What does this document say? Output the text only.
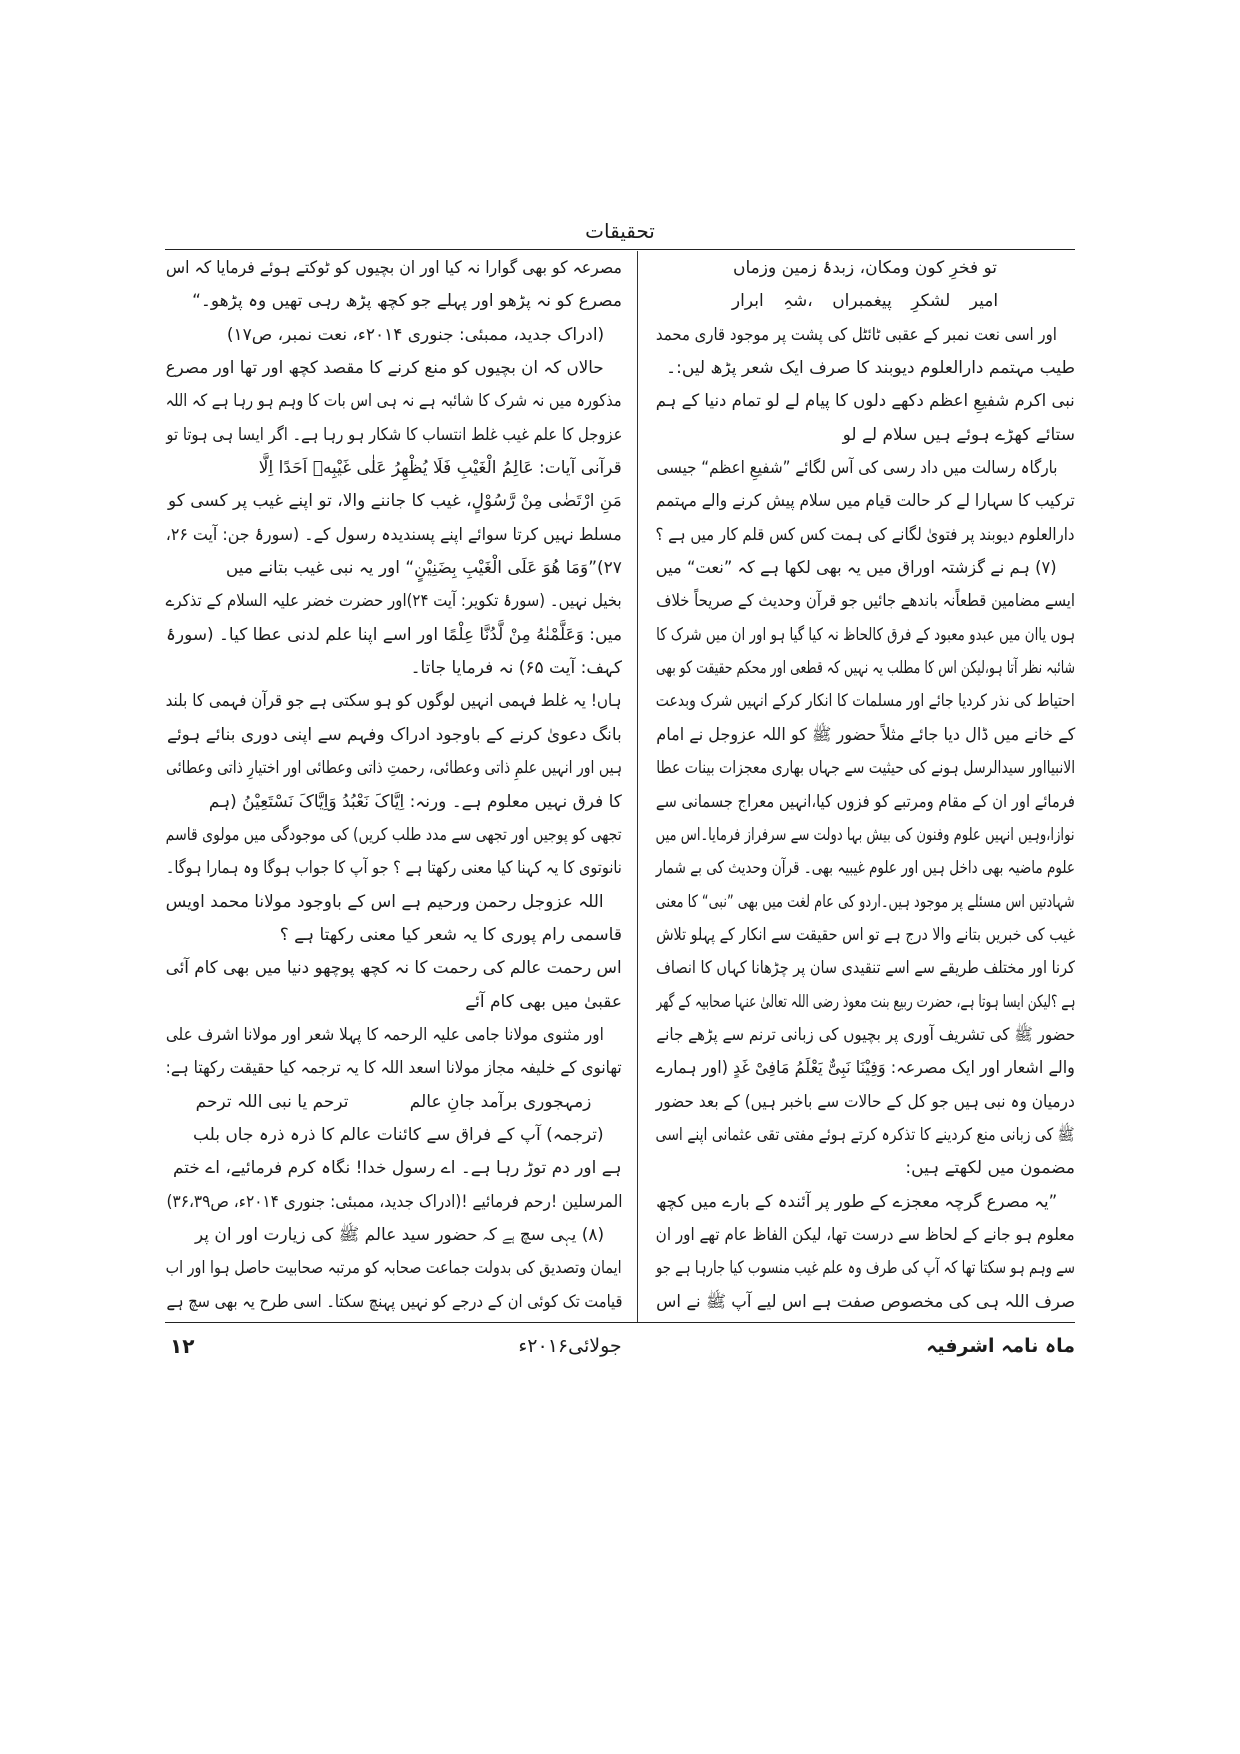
تحقیقات
تو فخرِ کون ومکان، زبدۂ زمین وزماں
امیر لشکرِ پیغمبراں ،شہِ ابرار
اور اسی نعت نمبر کے عقبی ٹائٹل کی پشت پر موجود قاری محمد
طیب مہتمم دارالعلوم دیوبند کا صرف ایک شعر پڑھ لیں:۔
نبی اکرم شفیعِ اعظم دکھے دلوں کا پیام لے لو تمام دنیا کے ہم
ستائے کھڑے ہوئے ہیں سلام لے لو
بارگاہ رسالت میں داد رسی کی آس لگائے ”شفیعِ اعظم“ جیسی
ترکیب کا سہارا لے کر حالت قیام میں سلام پیش کرنے والے مہتمم
دارالعلوم دیوبند پر فتویٰ لگانے کی ہمت کس کس قلم کار میں ہے ؟
(۷) ہم نے گزشتہ اوراق میں یہ بھی لکھا ہے کہ ”نعت“ میں
ایسے مضامین قطعاًنہ باندھے جائیں جو قرآن وحدیث کے صریحاً خلاف
ہوں یاان میں عبدو معبود کے فرق کالحاظ نہ کیا گیا ہو اور ان میں شرک کا
شائبہ نظر آتا ہو،لیکن اس کا مطلب یہ نہیں کہ قطعی اور محکم حقیقت کو بھی
احتیاط کی نذر کردیا جائے اور مسلمات کا انکار کرکے انہیں شرک وبدعت
کے خانے میں ڈال دیا جائے مثلاً حضور ﷺ کو اللہ عزوجل نے امام
الانبیااور سیدالرسل ہونے کی حیثیت سے جہاں بھاری معجزات بینات عطا
فرمائے اور ان کے مقام ومرتبے کو فزوں کیا،انہیں معراج جسمانی سے
نوازا،وہیں انہیں علوم وفنون کی بیش بہا دولت سے سرفراز فرمایا۔اس میں
علوم ماضیہ بھی داخل ہیں اور علوم غیبیہ بھی۔ قرآن وحدیث کی بے شمار
شہادتیں اس مسئلے پر موجود ہیں۔اردو کی عام لغت میں بھی ”نبی“ کا معنی
غیب کی خبریں بتانے والا درج ہے تو اس حقیقت سے انکار کے پہلو تلاش
کرنا اور مختلف طریقے سے اسے تنقیدی سان پر چڑھانا کہاں کا انصاف
ہے ؟لیکن ایسا ہوتا ہے، حضرت ربیع بنت معوذ رضی اللہ تعالیٰ عنہا صحابیہ کے گھر
حضور ﷺ کی تشریف آوری پر بچیوں کی زبانی ترنم سے پڑھے جانے
والے اشعار اور ایک مصرعہ: وَفِیْنَا نَبِیٌّ یَعْلَمُ مَافِیْ غَدٍ (اور ہمارے
درمیان وہ نبی ہیں جو کل کے حالات سے باخبر ہیں) کے بعد حضور
ﷺ کی زبانی منع کردینے کا تذکرہ کرتے ہوئے مفتی تقی عثمانی اپنے اسی
مضمون میں لکھتے ہیں:
”یہ مصرع گرچہ معجزے کے طور پر آئندہ کے بارے میں کچھ
معلوم ہو جانے کے لحاظ سے درست تھا، لیکن الفاظ عام تھے اور ان
سے وہم ہو سکتا تھا کہ آپ کی طرف وہ علم غیب منسوب کیا جارہا ہے جو
صرف اللہ ہی کی مخصوص صفت ہے اس لیے آپ ﷺ نے اس
مصرعہ کو بھی گوارا نہ کیا اور ان بچیوں کو ٹوکتے ہوئے فرمایا کہ اس
مصرع کو نہ پڑھو اور پہلے جو کچھ پڑھ رہی تھیں وہ پڑھو۔“
(ادراک جدید، ممبئی: جنوری ۲۰۱۴ء، نعت نمبر، ص۱۷)
حالاں کہ ان بچیوں کو منع کرنے کا مقصد کچھ اور تھا اور مصرع
مذکورہ میں نہ شرک کا شائبہ ہے نہ ہی اس بات کا وہم ہو رہا ہے کہ اللہ
عزوجل کا علم غیب غلط انتساب کا شکار ہو رہا ہے۔ اگر ایسا ہی ہوتا تو
قرآنی آیات: عَالِمُ الْغَیْبِ فَلَا یُظْهِرُ عَلٰی غَیْبِهٖ اَحَدًا اِلَّا
مَنِ ارْتَضٰی مِنْ رَّسُوْلٍ، غیب کا جاننے والا، تو اپنے غیب پر کسی کو
مسلط نہیں کرتا سوائے اپنے پسندیدہ رسول کے۔ (سورۂ جن: آیت ۲۶،
۲۷)”وَمَا هُوَ عَلَی الْغَیْبِ بِضَنِیْنٍ“ اور یہ نبی غیب بتانے میں
بخیل نہیں۔ (سورۂ تکویر: آیت ۲۴)اور حضرت خضر علیہ السلام کے تذکرے
میں: وَعَلَّمْنٰهُ مِنْ لَّدُنَّا عِلْمًا اور اسے اپنا علم لدنی عطا کیا۔ (سورۂ
کہف: آیت ۶۵) نہ فرمایا جاتا۔
ہاں! یہ غلط فہمی انہیں لوگوں کو ہو سکتی ہے جو قرآن فہمی کا بلند
بانگ دعویٰ کرنے کے باوجود ادراک وفہم سے اپنی دوری بنائے ہوئے
ہیں اور انہیں علمِ ذاتی وعطائی، رحمتِ ذاتی وعطائی اور اختیارِ ذاتی وعطائی
کا فرق نہیں معلوم ہے۔ ورنہ: اِیَّاکَ نَعْبُدُ وَاِیَّاکَ نَسْتَعِیْنُ (ہم
تجھی کو پوجیں اور تجھی سے مدد طلب کریں) کی موجودگی میں مولوی قاسم
نانوتوی کا یہ کہنا کیا معنی رکھتا ہے ؟ جو آپ کا جواب ہوگا وہ ہمارا ہوگا۔
اللہ عزوجل رحمن ورحیم ہے اس کے باوجود مولانا محمد اویس
قاسمی رام پوری کا یہ شعر کیا معنی رکھتا ہے ؟
اس رحمت عالم کی رحمت کا نہ کچھ پوچھو دنیا میں بھی کام آئی
عقبیٰ میں بھی کام آئے
اور مثنوی مولانا جامی علیہ الرحمہ کا پہلا شعر اور مولانا اشرف علی
تھانوی کے خلیفہ مجاز مولانا اسعد اللہ کا یہ ترجمہ کیا حقیقت رکھتا ہے:
زمہجوری برآمد جانِ عالم
ترحم یا نبی اللہ ترحم
(ترجمہ) آپ کے فراق سے کائنات عالم کا ذرہ ذرہ جاں بلب
ہے اور دم توڑ رہا ہے۔ اے رسول خدا! نگاہ کرم فرمائیے، اے ختم
المرسلین !رحم فرمائیے !(ادراک جدید، ممبئی: جنوری ۲۰۱۴ء، ص۳۶،۳۹)
(۸) یہی سچ ہے کہ حضور سید عالم ﷺ کی زیارت اور ان پر
ایمان وتصدیق کی بدولت جماعت صحابہ کو مرتبہ صحابیت حاصل ہوا اور اب
قیامت تک کوئی ان کے درجے کو نہیں پہنچ سکتا۔ اسی طرح یہ بھی سچ ہے
ماہ نامہ اشرفیہ
جولائی۲۰۱۶ء
۱۲
